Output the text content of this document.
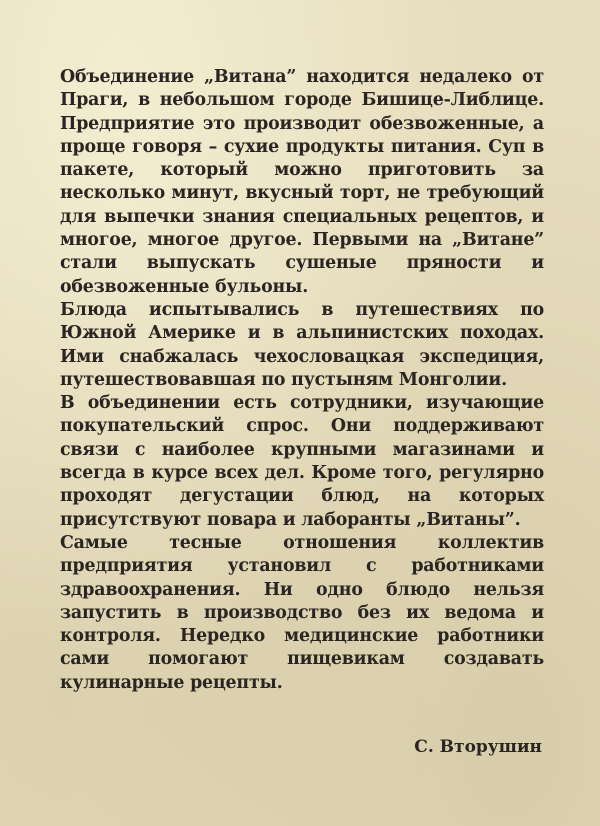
Объединение „Витана” находится недалеко от Праги, в небольшом городе Бишице-Либлице. Предприятие это производит обезвоженные, а проще говоря – сухие продукты питания. Суп в пакете, который можно приготовить за несколько минут, вкусный торт, не требующий для выпечки знания специальных рецептов, и многое, многое другое. Первыми на „Витане” стали выпускать сушеные пряности и обезвоженные бульоны.

Блюда испытывались в путешествиях по Южной Америке и в альпинистских походах. Ими снабжалась чехословацкая экспедиция, путешествовавшая по пустыням Монголии.

В объединении есть сотрудники, изучающие покупательский спрос. Они поддерживают связи с наиболее крупными магазинами и всегда в курсе всех дел. Кроме того, регулярно проходят дегустации блюд, на которых присутствуют повара и лаборанты „Витаны”.

Самые тесные отношения коллектив предприятия установил с работниками здравоохранения. Ни одно блюдо нельзя запустить в производство без их ведома и контроля. Нередко медицинские работники сами помогают пищевикам создавать кулинарные рецепты.

С. Вторушин
